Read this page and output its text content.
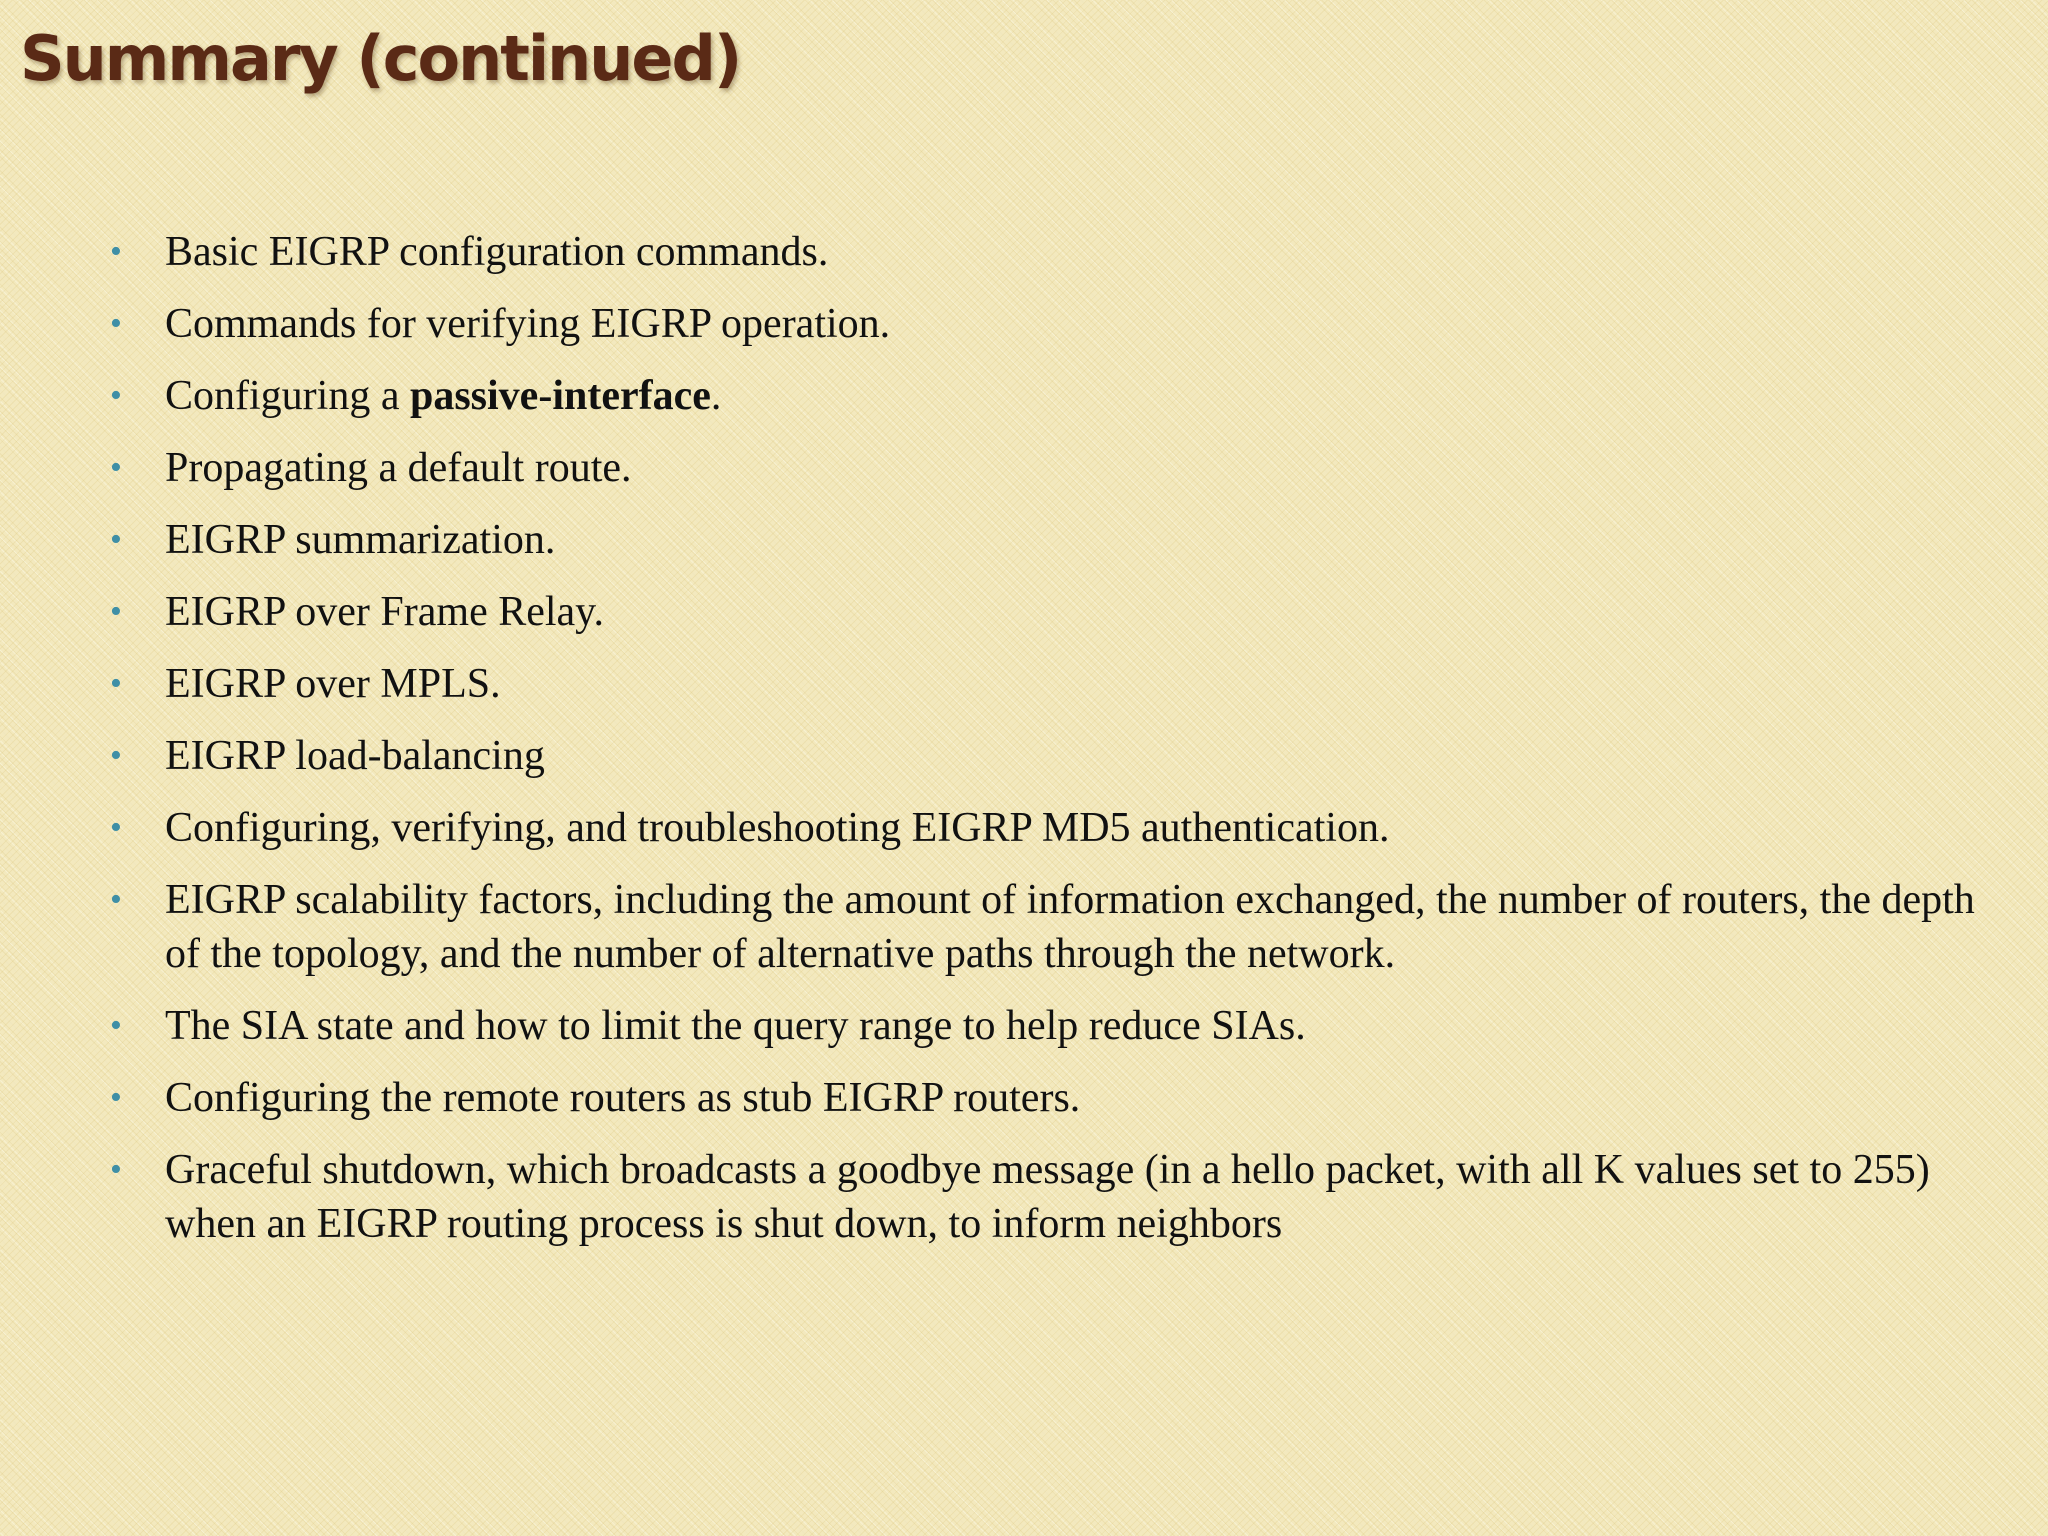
Summary (continued)
• Basic EIGRP configuration commands.
• Commands for verifying EIGRP operation.
• Configuring a passive-interface.
• Propagating a default route.
• EIGRP summarization.
• EIGRP over Frame Relay.
• EIGRP over MPLS.
• EIGRP load-balancing
• Configuring, verifying, and troubleshooting EIGRP MD5 authentication.
• EIGRP scalability factors, including the amount of information exchanged, the number of routers, the depth of the topology, and the number of alternative paths through the network.
• The SIA state and how to limit the query range to help reduce SIAs.
• Configuring the remote routers as stub EIGRP routers.
• Graceful shutdown, which broadcasts a goodbye message (in a hello packet, with all K values set to 255) when an EIGRP routing process is shut down, to inform neighbors
